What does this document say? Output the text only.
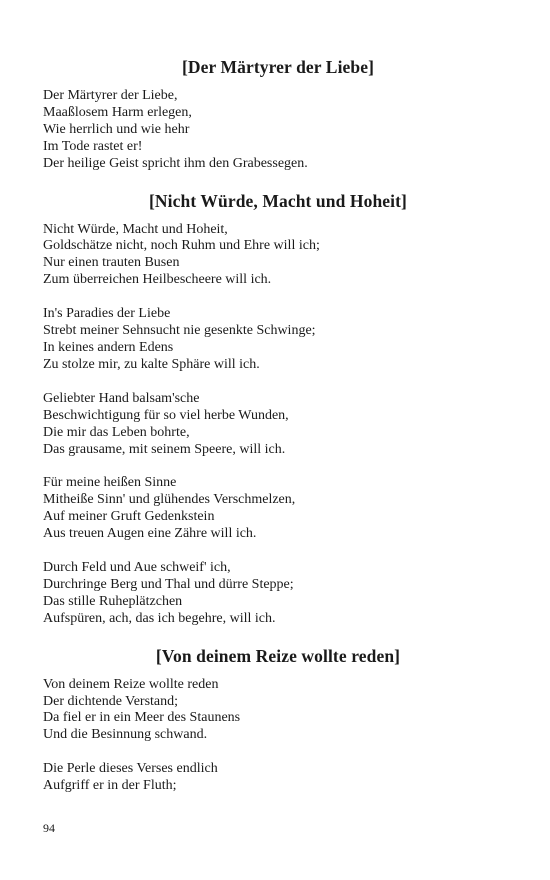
[Der Märtyrer der Liebe]
Der Märtyrer der Liebe,
Maaßlosem Harm erlegen,
Wie herrlich und wie hehr
Im Tode rastet er!
Der heilige Geist spricht ihm den Grabessegen.
[Nicht Würde, Macht und Hoheit]
Nicht Würde, Macht und Hoheit,
Goldschätze nicht, noch Ruhm und Ehre will ich;
Nur einen trauten Busen
Zum überreichen Heilbescheere will ich.
In's Paradies der Liebe
Strebt meiner Sehnsucht nie gesenkte Schwinge;
In keines andern Edens
Zu stolze mir, zu kalte Sphäre will ich.
Geliebter Hand balsam'sche
Beschwichtigung für so viel herbe Wunden,
Die mir das Leben bohrte,
Das grausame, mit seinem Speere, will ich.
Für meine heißen Sinne
Mitheiße Sinn' und glühendes Verschmelzen,
Auf meiner Gruft Gedenkstein
Aus treuen Augen eine Zähre will ich.
Durch Feld und Aue schweif' ich,
Durchringe Berg und Thal und dürre Steppe;
Das stille Ruheplätzchen
Aufspüren, ach, das ich begehre, will ich.
[Von deinem Reize wollte reden]
Von deinem Reize wollte reden
Der dichtende Verstand;
Da fiel er in ein Meer des Staunens
Und die Besinnung schwand.
Die Perle dieses Verses endlich
Aufgriff er in der Fluth;
94
